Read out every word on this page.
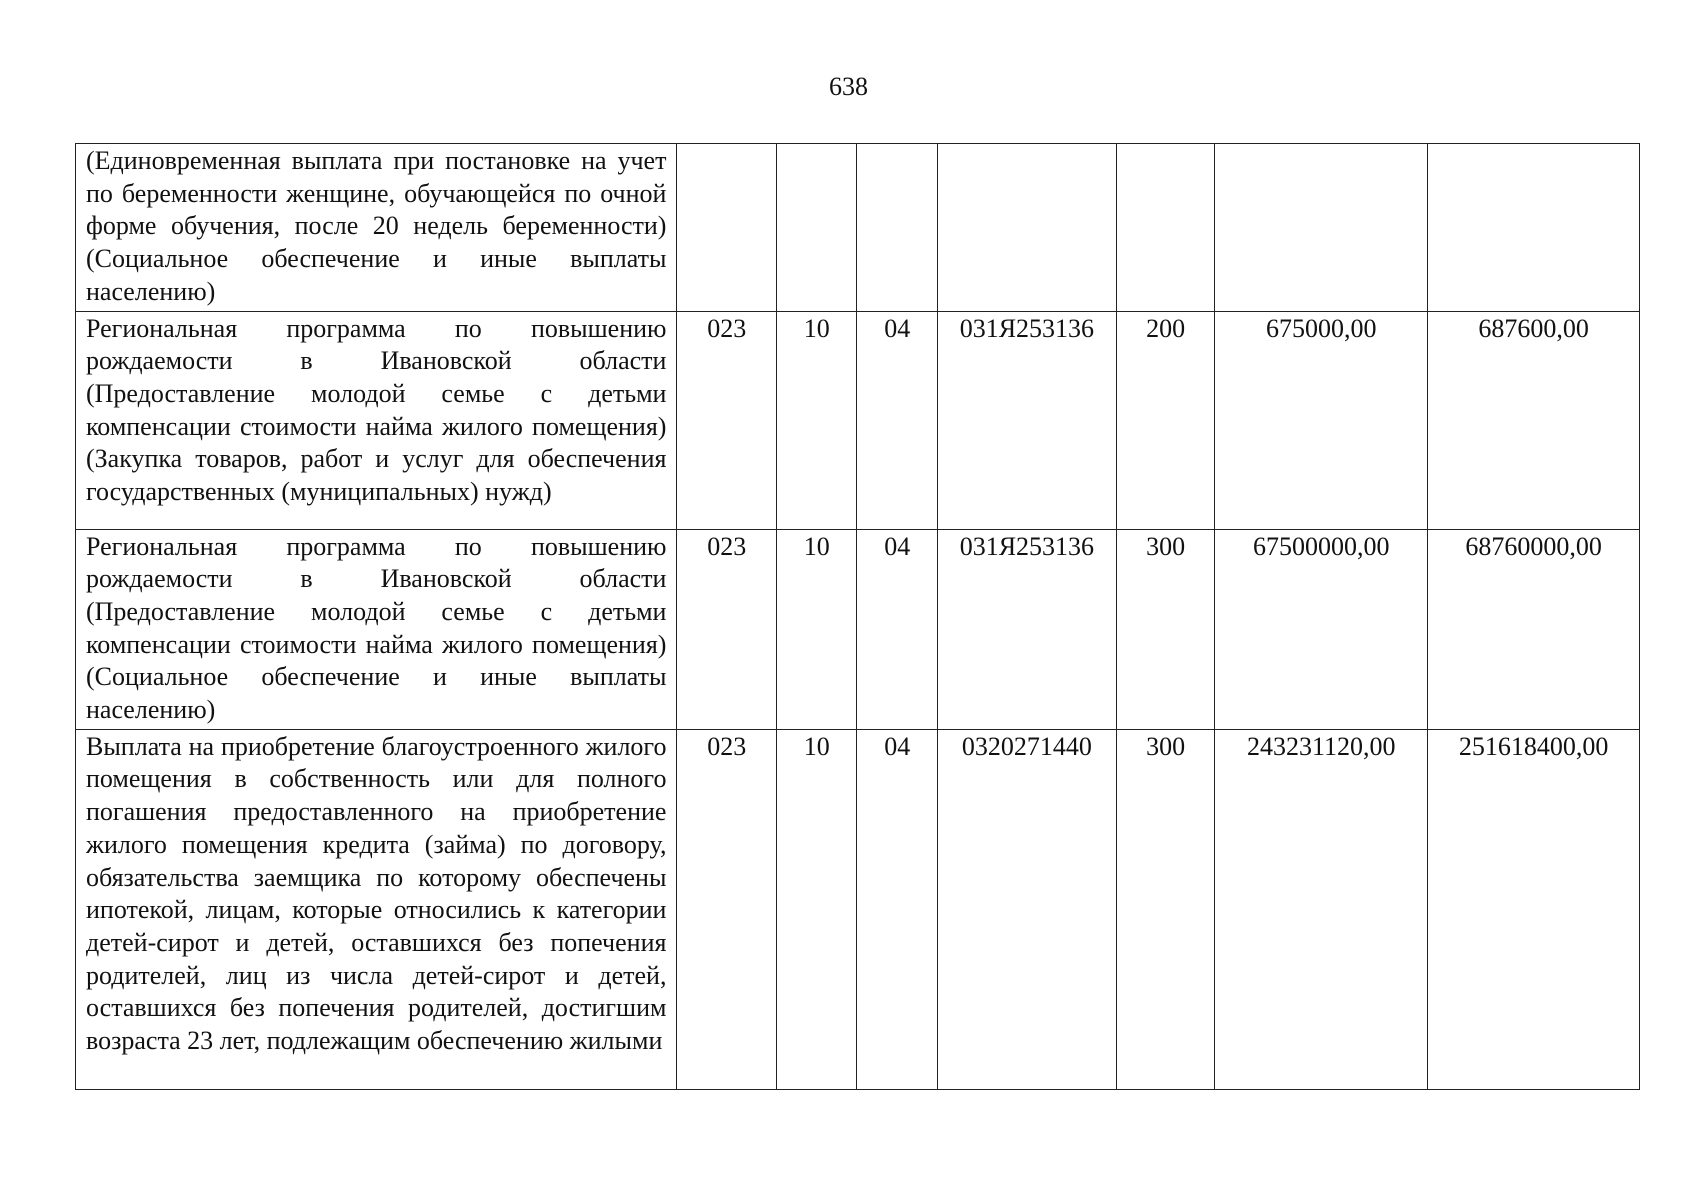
638
(Единовременная выплата при постановке на учет по беременности женщине, обучающейся по очной форме обучения, после 20 недель беременности) (Социальное обеспечение и иные выплаты населению)							

Региональная программа по повышению рождаемости в Ивановской области (Предоставление молодой семье с детьми компенсации стоимости найма жилого помещения) (Закупка товаров, работ и услуг для обеспечения государственных (муниципальных) нужд)	023	10	04	031Я253136	200	675000,00	687600,00

Региональная программа по повышению рождаемости в Ивановской области (Предоставление молодой семье с детьми компенсации стоимости найма жилого помещения) (Социальное обеспечение и иные выплаты населению)	023	10	04	031Я253136	300	67500000,00	68760000,00

Выплата на приобретение благоустроенного жилого помещения в собственность или для полного погашения предоставленного на приобретение жилого помещения кредита (займа) по договору, обязательства заемщика по которому обеспечены ипотекой, лицам, которые относились к категории детей-сирот и детей, оставшихся без попечения родителей, лиц из числа детей-сирот и детей, оставшихся без попечения родителей, достигшим возраста 23 лет, подлежащим обеспечению жилыми	023	10	04	0320271440	300	243231120,00	251618400,00
